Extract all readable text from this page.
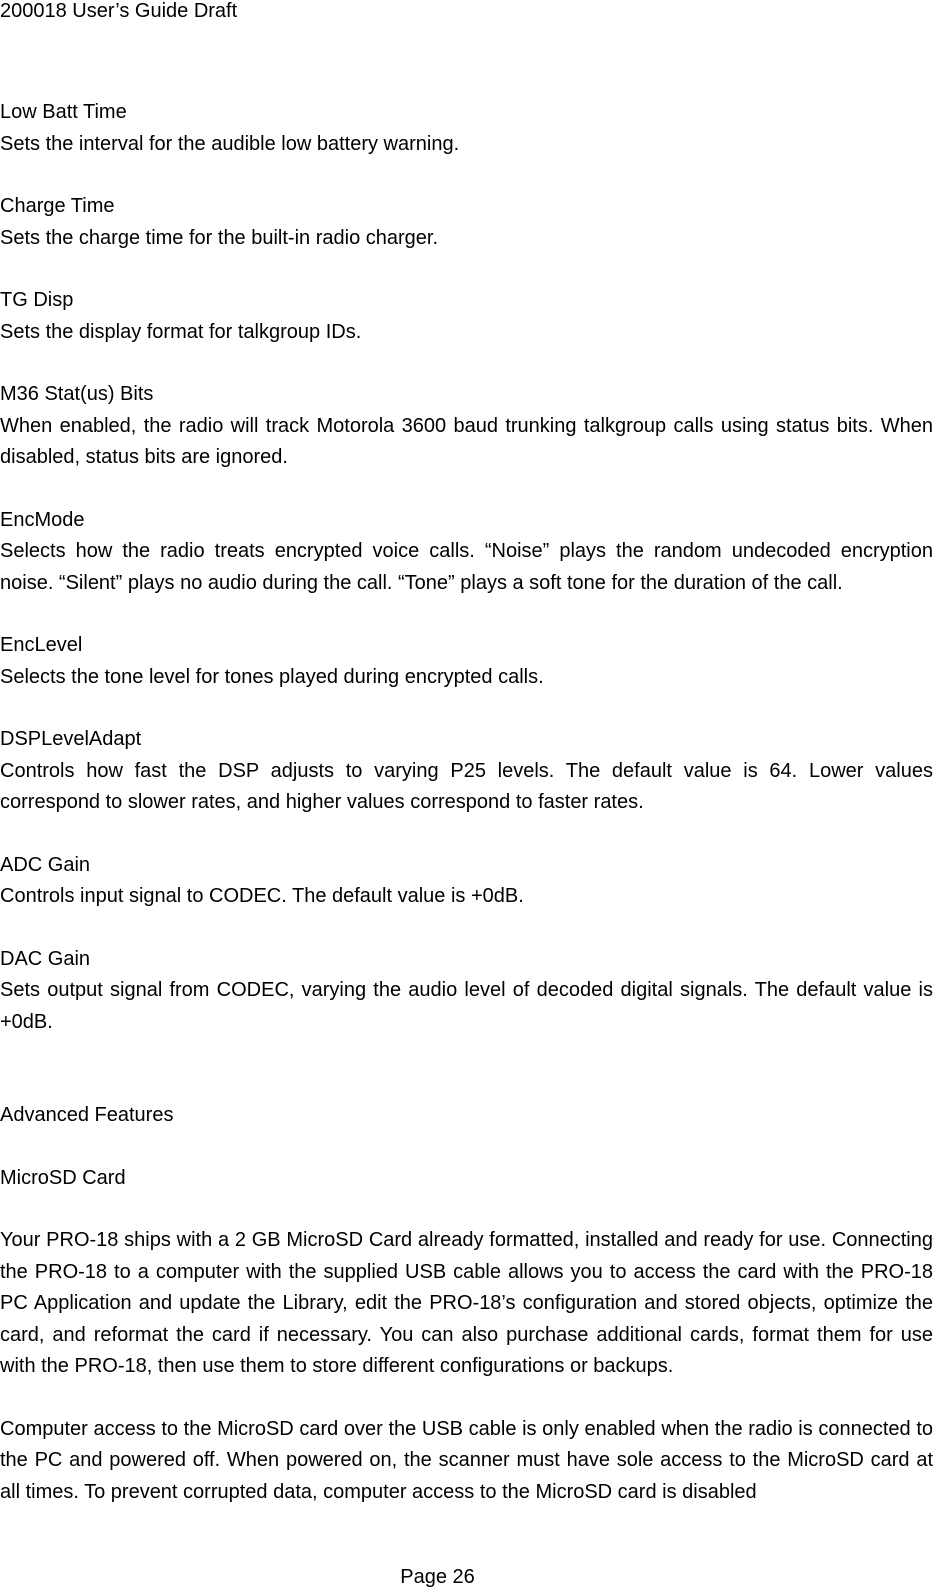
200018 User’s Guide Draft

Low Batt Time

Sets the interval for the audible low battery warning.

Charge Time

Sets the charge time for the built-in radio charger.

TG Disp

Sets the display format for talkgroup IDs.

M36 Stat(us) Bits

When enabled, the radio will track Motorola 3600 baud trunking talkgroup calls using status bits. When disabled, status bits are ignored.

EncMode

Selects how the radio treats encrypted voice calls. “Noise” plays the random undecoded encryption noise. “Silent” plays no audio during the call. “Tone” plays a soft tone for the duration of the call.

EncLevel

Selects the tone level for tones played during encrypted calls.

DSPLevelAdapt

Controls how fast the DSP adjusts to varying P25 levels. The default value is 64. Lower values correspond to slower rates, and higher values correspond to faster rates.

ADC Gain

Controls input signal to CODEC. The default value is +0dB.

DAC Gain

Sets output signal from CODEC, varying the audio level of decoded digital signals. The default value is +0dB.

Advanced Features

MicroSD Card

Your PRO-18 ships with a 2 GB MicroSD Card already formatted, installed and ready for use. Connecting the PRO-18 to a computer with the supplied USB cable allows you to access the card with the PRO-18 PC Application and update the Library, edit the PRO-18’s configuration and stored objects, optimize the card, and reformat the card if necessary. You can also purchase additional cards, format them for use with the PRO-18, then use them to store different configurations or backups.

Computer access to the MicroSD card over the USB cable is only enabled when the radio is connected to the PC and powered off. When powered on, the scanner must have sole access to the MicroSD card at all times. To prevent corrupted data, computer access to the MicroSD card is disabled

Page 26
